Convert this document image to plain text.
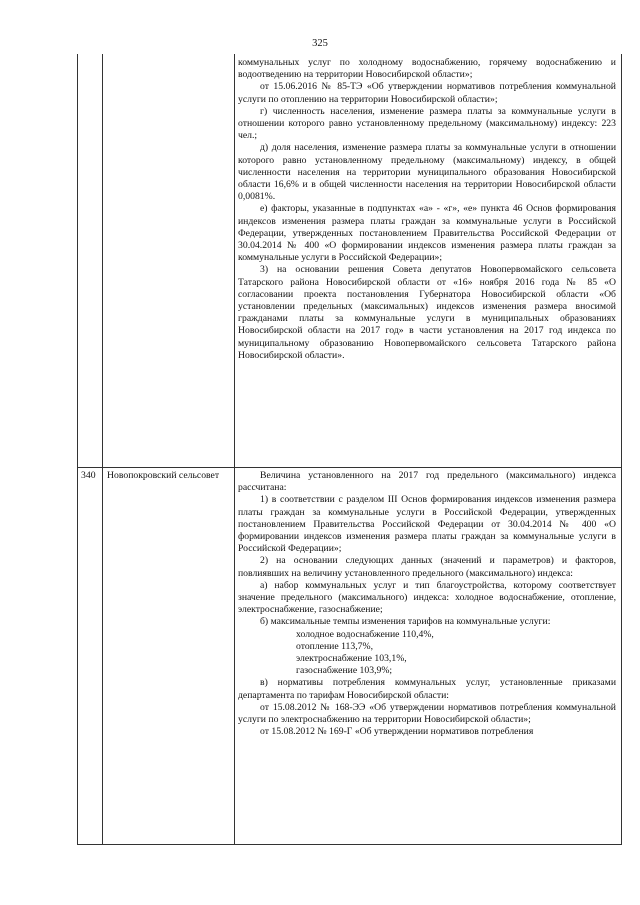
325

коммунальных услуг по холодному водоснабжению, горячему водоснабжению и водоотведению на территории Новосибирской области»;

от 15.06.2016 № 85-ТЭ «Об утверждении нормативов потребления коммунальной услуги по отоплению на территории Новосибирской области»;

г) численность населения, изменение размера платы за коммунальные услуги в отношении которого равно установленному предельному (максимальному) индексу: 223 чел.;

д) доля населения, изменение размера платы за коммунальные услуги в отношении которого равно установленному предельному (максимальному) индексу, в общей численности населения на территории муниципального образования Новосибирской области 16,6% и в общей численности населения на территории Новосибирской области 0,0081%.

е) факторы, указанные в подпунктах «а» - «г», «е» пункта 46 Основ формирования индексов изменения размера платы граждан за коммунальные услуги в Российской Федерации, утвержденных постановлением Правительства Российской Федерации от 30.04.2014 № 400 «О формировании индексов изменения размера платы граждан за коммунальные услуги в Российской Федерации»;

3) на основании решения Совета депутатов Новопервомайского сельсовета Татарского района Новосибирской области от «16» ноября 2016 года № 85 «О согласовании проекта постановления Губернатора Новосибирской области «Об установлении предельных (максимальных) индексов изменения размера вносимой гражданами платы за коммунальные услуги в муниципальных образованиях Новосибирской области на 2017 год» в части установления на 2017 год индекса по муниципальному образованию Новопервомайского сельсовета Татарского района Новосибирской области».

340	Новопокровский сельсовет	Величина установленного на 2017 год предельного (максимального) индекса рассчитана:

1) в соответствии с разделом III Основ формирования индексов изменения размера платы граждан за коммунальные услуги в Российской Федерации, утвержденных постановлением Правительства Российской Федерации от 30.04.2014 № 400 «О формировании индексов изменения размера платы граждан за коммунальные услуги в Российской Федерации»;

2) на основании следующих данных (значений и параметров) и факторов, повлиявших на величину установленного предельного (максимального) индекса:

а) набор коммунальных услуг и тип благоустройства, которому соответствует значение предельного (максимального) индекса: холодное водоснабжение, отопление, электроснабжение, газоснабжение;

б) максимальные темпы изменения тарифов на коммунальные услуги:

холодное водоснабжение 110,4%,

отопление 113,7%,

электроснабжение 103,1%,

газоснабжение 103,9%;

в) нормативы потребления коммунальных услуг, установленные приказами департамента по тарифам Новосибирской области:

от 15.08.2012 № 168-ЭЭ «Об утверждении нормативов потребления коммунальной услуги по электроснабжению на территории Новосибирской области»;

от 15.08.2012 № 169-Г «Об утверждении нормативов потребления
